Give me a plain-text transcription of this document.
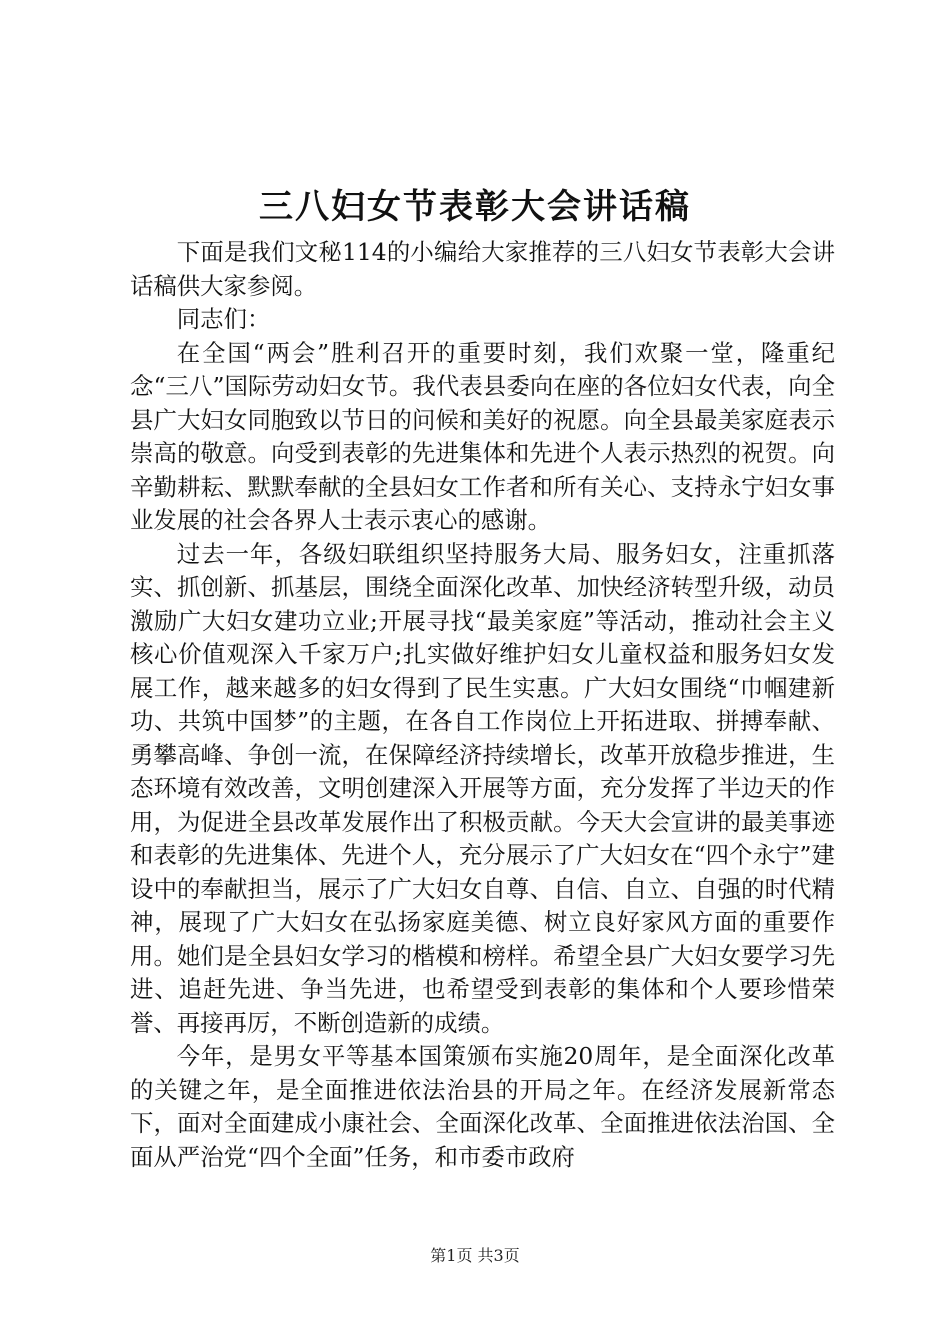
三八妇女节表彰大会讲话稿

下面是我们文秘114的小编给大家推荐的三八妇女节表彰大会讲话稿供大家参阅。

同志们：

在全国“两会”胜利召开的重要时刻，我们欢聚一堂，隆重纪念“三八”国际劳动妇女节。我代表县委向在座的各位妇女代表，向全县广大妇女同胞致以节日的问候和美好的祝愿。向全县最美家庭表示崇高的敬意。向受到表彰的先进集体和先进个人表示热烈的祝贺。向辛勤耕耘、默默奉献的全县妇女工作者和所有关心、支持永宁妇女事业发展的社会各界人士表示衷心的感谢。

过去一年，各级妇联组织坚持服务大局、服务妇女，注重抓落实、抓创新、抓基层，围绕全面深化改革、加快经济转型升级，动员激励广大妇女建功立业;开展寻找“最美家庭”等活动，推动社会主义核心价值观深入千家万户;扎实做好维护妇女儿童权益和服务妇女发展工作，越来越多的妇女得到了民生实惠。广大妇女围绕“巾帼建新功、共筑中国梦”的主题，在各自工作岗位上开拓进取、拼搏奉献、勇攀高峰、争创一流，在保障经济持续增长，改革开放稳步推进，生态环境有效改善，文明创建深入开展等方面，充分发挥了半边天的作用，为促进全县改革发展作出了积极贡献。今天大会宣讲的最美事迹和表彰的先进集体、先进个人，充分展示了广大妇女在“四个永宁”建设中的奉献担当，展示了广大妇女自尊、自信、自立、自强的时代精神，展现了广大妇女在弘扬家庭美德、树立良好家风方面的重要作用。她们是全县妇女学习的楷模和榜样。希望全县广大妇女要学习先进、追赶先进、争当先进，也希望受到表彰的集体和个人要珍惜荣誉、再接再厉，不断创造新的成绩。

今年，是男女平等基本国策颁布实施20周年，是全面深化改革的关键之年，是全面推进依法治县的开局之年。在经济发展新常态下，面对全面建成小康社会、全面深化改革、全面推进依法治国、全面从严治党“四个全面”任务，和市委市政府

第1页 共3页
